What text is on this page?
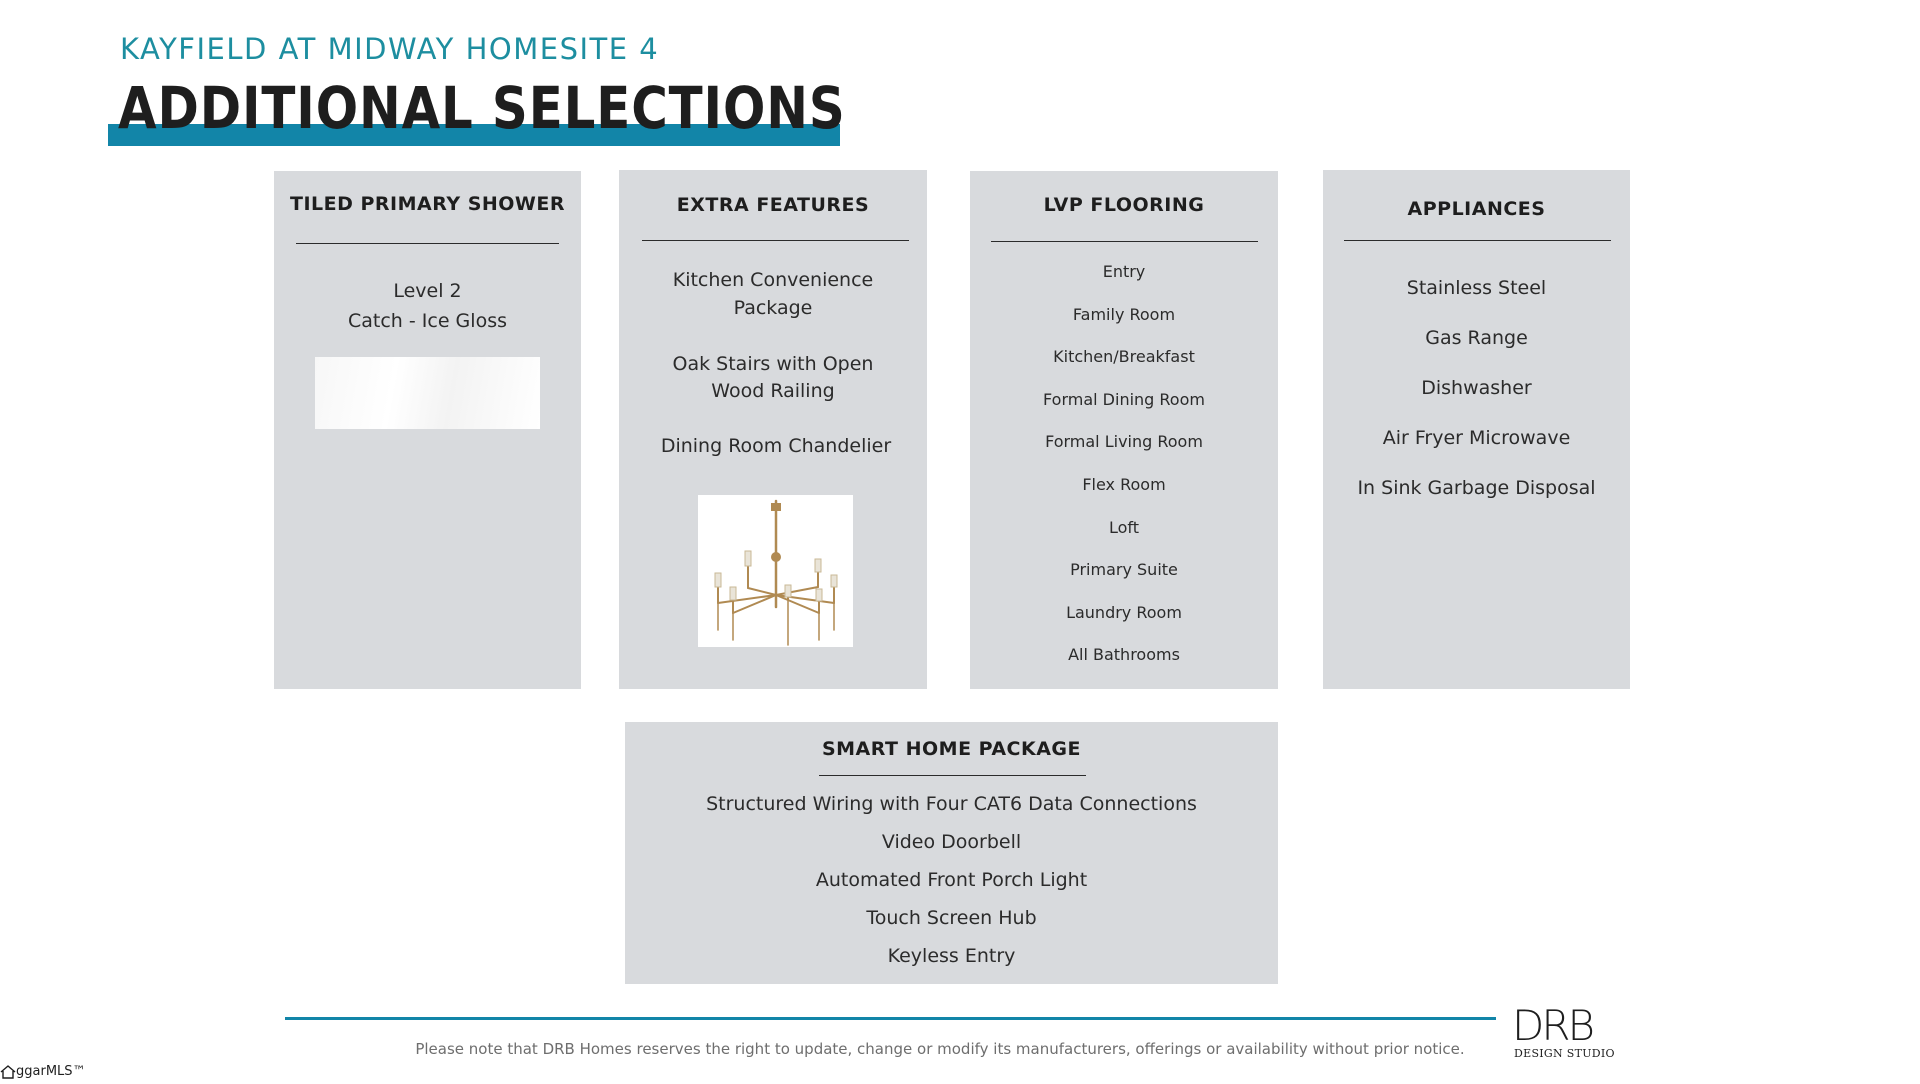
KAYFIELD AT MIDWAY HOMESITE 4
ADDITIONAL SELECTIONS
TILED PRIMARY SHOWER
Level 2
Catch - Ice Gloss
EXTRA FEATURES
Kitchen Convenience
Package
Oak Stairs with Open
Wood Railing
Dining Room Chandelier
LVP FLOORING
Entry
Family Room
Kitchen/Breakfast
Formal Dining Room
Formal Living Room
Flex Room
Loft
Primary Suite
Laundry Room
All Bathrooms
APPLIANCES
Stainless Steel
Gas Range
Dishwasher
Air Fryer Microwave
In Sink Garbage Disposal
SMART HOME PACKAGE
Structured Wiring with Four CAT6 Data Connections
Video Doorbell
Automated Front Porch Light
Touch Screen Hub
Keyless Entry
Please note that DRB Homes reserves the right to update, change or modify its manufacturers, offerings or availability without prior notice.	DRB
DESIGN STUDIO
ggarMLS™
